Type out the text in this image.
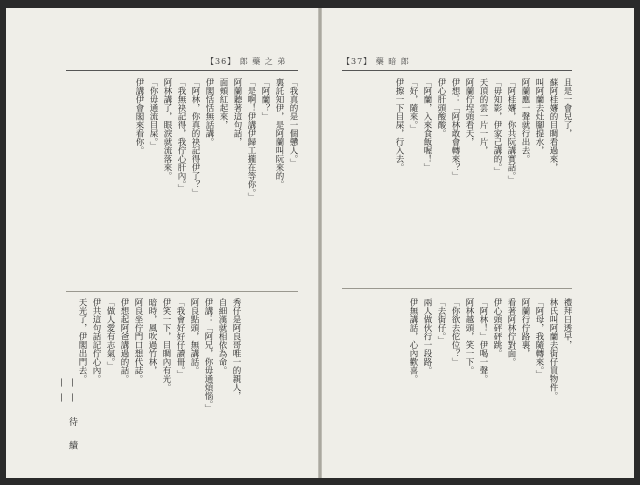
【36】 郎 藥 之 弟
「我真的是一個戇人。」
裏託知伊，是阿蘭叫阮來的。
「阿蘭？」
「是啊！伊講伊歸工攏在等你。」
阿蘭聽著這句話，
面頰紅起來，
伊閣恬恬無話講。
「阿林，你真的袂記得伊了？」
「我無袂記得，我佇心肝內。」
阿林講了，眼淚就流落來。
「你毋通流目屎。」
伊講伊會閣來看你。
秀仔是阿良哥唯一的親人，
自細漢就相依為命。
伊講：「阿兄，你毋通煩惱。」
阿良點頭，無講話。
「我會好好仔讀冊。」
伊笑一下，目睭內有光。
暗時，風吹過竹林，
阿良坐佇門口想代誌。
伊想起阿爸講過的話。
「做人愛有志氣。」
伊共這句話記佇心內。
天光了，伊閣出門去。
—— 待 續 ——
【37】 藥 暗 郎
且是一會兒了，
蘇阿桂嬸的目睭看過來，
叫阿蘭去灶腳提水，
阿蘭應一聲就行出去。
「阿桂嬸，你共阮講實話。」
「毋知影，伊家己講的。」
天頂的雲一片一片，
阿蘭佇埕頭看天，
伊想：「阿林敢會轉來？」
伊心肝頭酸酸。
「阿蘭，入來食飯喔！」
「好，隨來。」
伊擦一下目屎，行入去。
禮拜日透早，
林氏叫阿蘭去街仔買物件。
「阿母，我隨轉來。」
阿蘭行佇路裏，
看著阿林佇對面。
伊心頭砰砰跳。
「阿林！」伊喝一聲。
阿林越頭，笑一下。
「你欲去佗位？」
「去街仔。」
兩人做伙行一段路。
伊無講話，心內歡喜。
